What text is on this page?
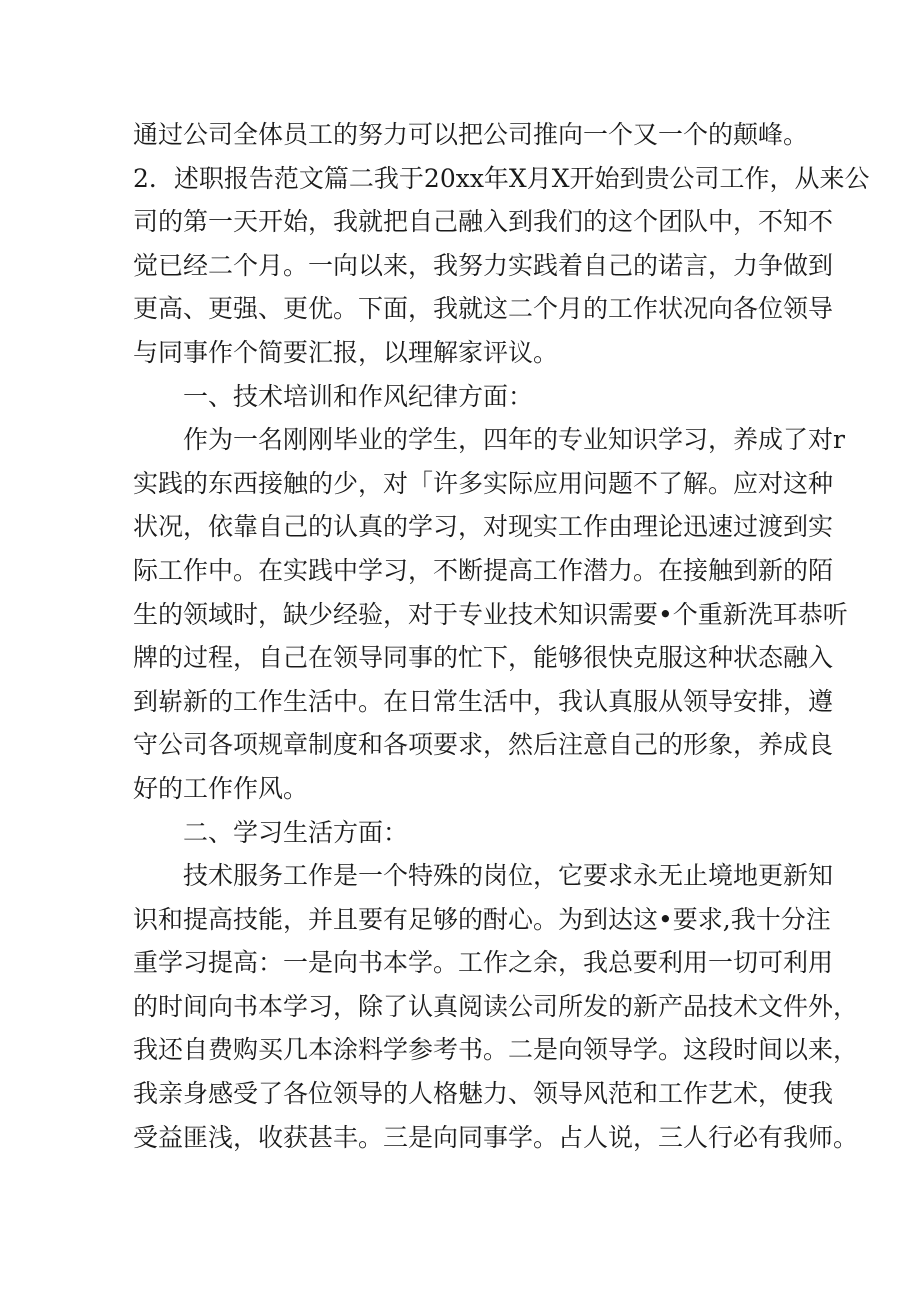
通过公司全体员工的努力可以把公司推向一个又一个的颠峰。
2．述职报告范文篇二我于20xx年X月X开始到贵公司工作，从来公
司的第一天开始，我就把自己融入到我们的这个团队中，不知不
觉已经二个月。一向以来，我努力实践着自己的诺言，力争做到
更高、更强、更优。下面，我就这二个月的工作状况向各位领导
与同事作个简要汇报，以理解家评议。
一、技术培训和作风纪律方面：
作为一名刚刚毕业的学生，四年的专业知识学习，养成了对r
实践的东西接触的少，对「许多实际应用问题不了解。应对这种
状况，依靠自己的认真的学习，对现实工作由理论迅速过渡到实
际工作中。在实践中学习，不断提高工作潜力。在接触到新的陌
生的领域时，缺少经验，对于专业技术知识需要•个重新洗耳恭听
牌的过程，自己在领导同事的忙下，能够很快克服这种状态融入
到崭新的工作生活中。在日常生活中，我认真服从领导安排，遵
守公司各项规章制度和各项要求，然后注意自己的形象，养成良
好的工作作风。
二、学习生活方面：
技术服务工作是一个特殊的岗位，它要求永无止境地更新知
识和提高技能，并且要有足够的酎心。为到达这•要求,我十分注
重学习提高：一是向书本学。工作之余，我总要利用一切可利用
的时间向书本学习，除了认真阅读公司所发的新产品技术文件外，
我还自费购买几本涂料学参考书。二是向领导学。这段时间以来，
我亲身感受了各位领导的人格魅力、领导风范和工作艺术，使我
受益匪浅，收获甚丰。三是向同事学。占人说，三人行必有我师。
